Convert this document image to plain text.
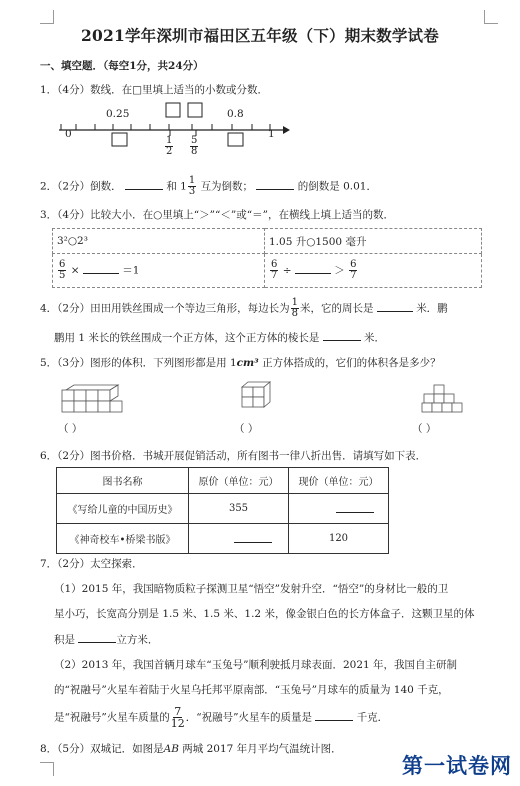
2021学年深圳市福田区五年级（下）期末数学试卷
一、填空题．（每空1分，共24分）
1．（4分）数线．在□里填上适当的小数或分数．
0
0.25	0.8
1
$\frac{1}{2} \frac{5}{8}$
2．（2分）倒数．	和 $1 \frac{1}{3}$ 互为倒数；	的倒数是 0.01．
3．（4分）比较大小．在○里填上“＞”“＜”或“＝”，在横线上填上适当的数．
3²○2³	1.05 升○1500 毫升

$\frac{6}{5} \times =1$	$\frac{6}{7}$ ÷ ＞ $\frac{6}{7}$
4．（2分）田田用铁丝围成一个等边三角形，每边长为 $\frac{1}{8}$ 米，它的周长是	米．鹏
鹏用 1 米长的铁丝围成一个正方体，这个正方体的棱长是	米．
5．（3分）图形的体积．下列图形都是用 1cm³ 正方体搭成的，它们的体积各是多少？
（ ）	（ ）	（ ）
6．（2分）图书价格．书城开展促销活动，所有图书一律八折出售．请填写如下表．
图书名称	原价（单位：元）	现价（单位：元）
《写给儿童的中国历史》	355	
《神奇校车•桥梁书版》		120
7．（2分）太空探索．
（1）2015 年，我国暗物质粒子探测卫星“悟空”发射升空．“悟空”的身材比一般的卫
星小巧，长宽高分别是 1.5 米、1.5 米、1.2 米，像金银白色的长方体盒子．这颗卫星的体
积是	立方米．
（2）2013 年，我国首辆月球车“玉兔号”顺利驶抵月球表面．2021 年，我国自主研制
的“祝融号”火星车着陆于火星乌托邦平原南部．“玉兔号”月球车的质量为 140 千克，
是“祝融号”火星车质量的 $\frac{7}{12}$ ．“祝融号”火星车的质量是	千克．
8．（5分）双城记．如图是AB 两城 2017 年月平均气温统计图．
第一试卷网
